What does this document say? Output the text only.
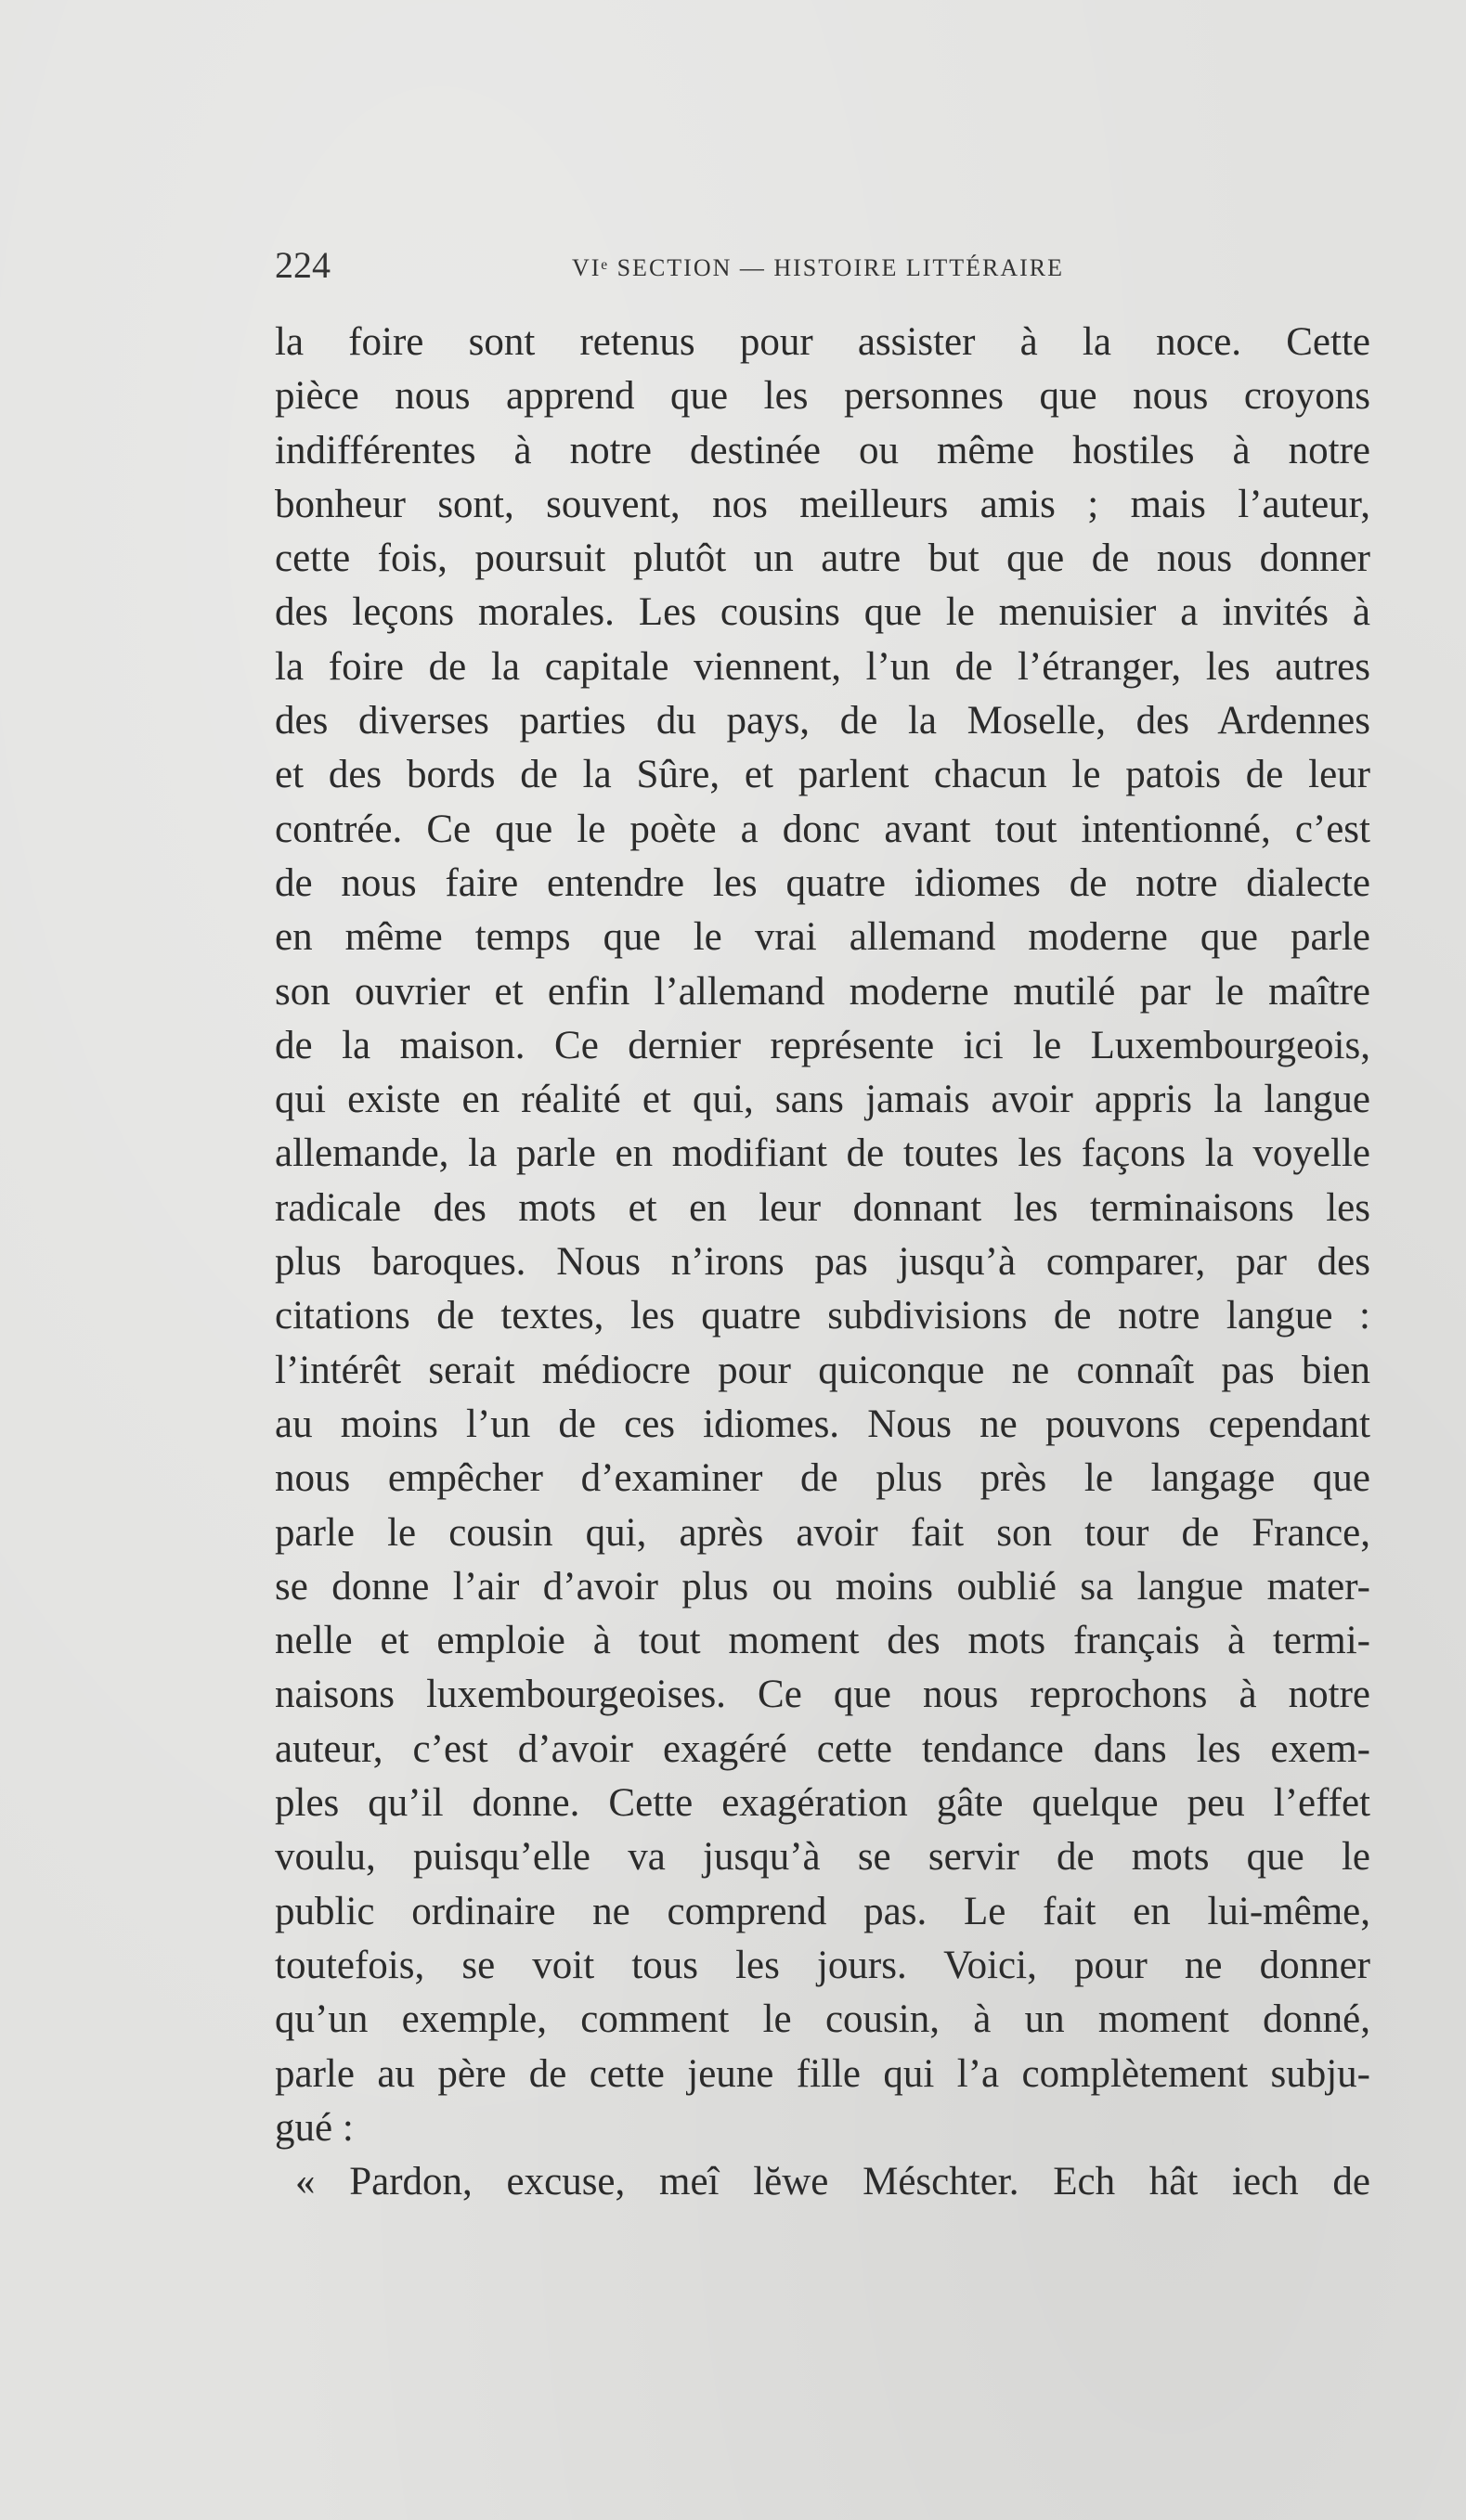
224	VIᵉ SECTION — HISTOIRE LITTÉRAIRE
la foire sont retenus pour assister à la noce. Cette
pièce nous apprend que les personnes que nous croyons
indifférentes à notre destinée ou même hostiles à notre
bonheur sont, souvent, nos meilleurs amis ; mais l’auteur,
cette fois, poursuit plutôt un autre but que de nous donner
des leçons morales. Les cousins que le menuisier a invités à
la foire de la capitale viennent, l’un de l’étranger, les autres
des diverses parties du pays, de la Moselle, des Ardennes
et des bords de la Sûre, et parlent chacun le patois de leur
contrée. Ce que le poète a donc avant tout intentionné, c’est
de nous faire entendre les quatre idiomes de notre dialecte
en même temps que le vrai allemand moderne que parle
son ouvrier et enfin l’allemand moderne mutilé par le maître
de la maison. Ce dernier représente ici le Luxembourgeois,
qui existe en réalité et qui, sans jamais avoir appris la langue
allemande, la parle en modifiant de toutes les façons la voyelle
radicale des mots et en leur donnant les terminaisons les
plus baroques. Nous n’irons pas jusqu’à comparer, par des
citations de textes, les quatre subdivisions de notre langue :
l’intérêt serait médiocre pour quiconque ne connaît pas bien
au moins l’un de ces idiomes. Nous ne pouvons cependant
nous empêcher d’examiner de plus près le langage que
parle le cousin qui, après avoir fait son tour de France,
se donne l’air d’avoir plus ou moins oublié sa langue mater-
nelle et emploie à tout moment des mots français à termi-
naisons luxembourgeoises. Ce que nous reprochons à notre
auteur, c’est d’avoir exagéré cette tendance dans les exem-
ples qu’il donne. Cette exagération gâte quelque peu l’effet
voulu, puisqu’elle va jusqu’à se servir de mots que le
public ordinaire ne comprend pas. Le fait en lui-même,
toutefois, se voit tous les jours. Voici, pour ne donner
qu’un exemple, comment le cousin, à un moment donné,
parle au père de cette jeune fille qui l’a complètement subju-
gué :
« Pardon, excuse, meî lĕwe Méschter. Ech hât iech de
